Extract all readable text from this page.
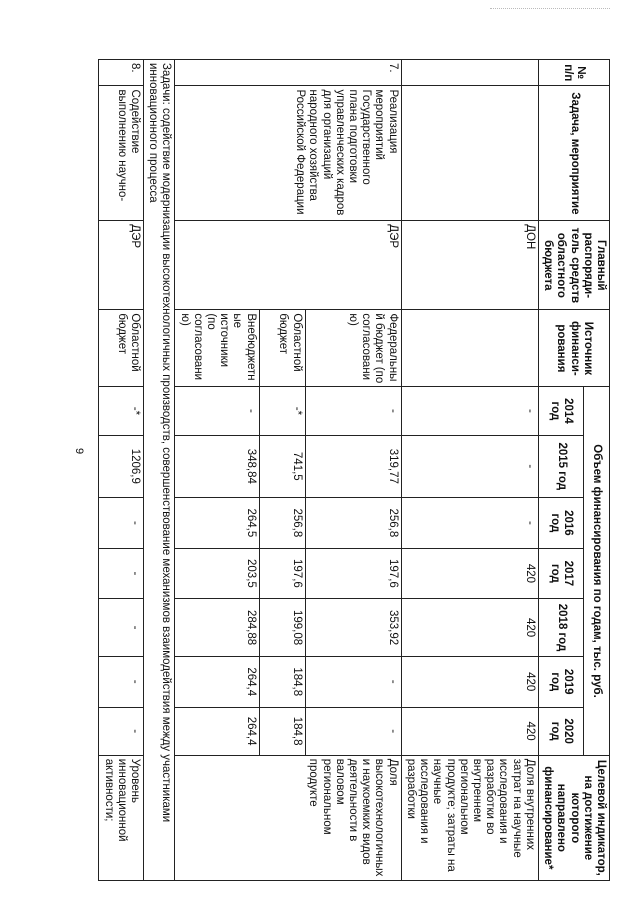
9
№ п/п	Задача, мероприятие	Главный распоряди-тель средств областного бюджета	Источник финанси-рования	Объем финансирования по годам, тыс. руб.							Целевой индикатор, на достижение которого направлено финансирование*
				2014 год	2015 год	2016 год	2017 год	2018 год	2019 год	2020 год	
		ДОН		-	-	-	420	420	420	420	Доля внутренних затрат на научные исследования и разработки во внутреннем региональном продукте; затраты на научные исследования и разработки
7.	Реализация мероприятий Государственного плана подготовки управленческих кадров для организаций народного хозяйства Российской Федерации	ДЭР	Федеральный бюджет (по согласованию)	-	319,77	256,8	197,6	353,92	-	-	Доля высокотехнологичных и наукоемких видов деятельности в валовом региональном продукте
			Областной бюджет	-*	741,5	256,8	197,6	199,08	184,8	184,8	
			Внебюджетные источники (по согласованию)	-	348,84	264,5	203,5	284,88	264,4	264,4	
Задачи: содействие модернизации высокотехнологичных производств, совершенствование механизмов взаимодействия между участниками инновационного процесса											
8.	Содействие выполнению научно-	ДЭР	Областной бюджет	-*	1206,9	-	-	-	-	-	Уровень инновационной активности;
